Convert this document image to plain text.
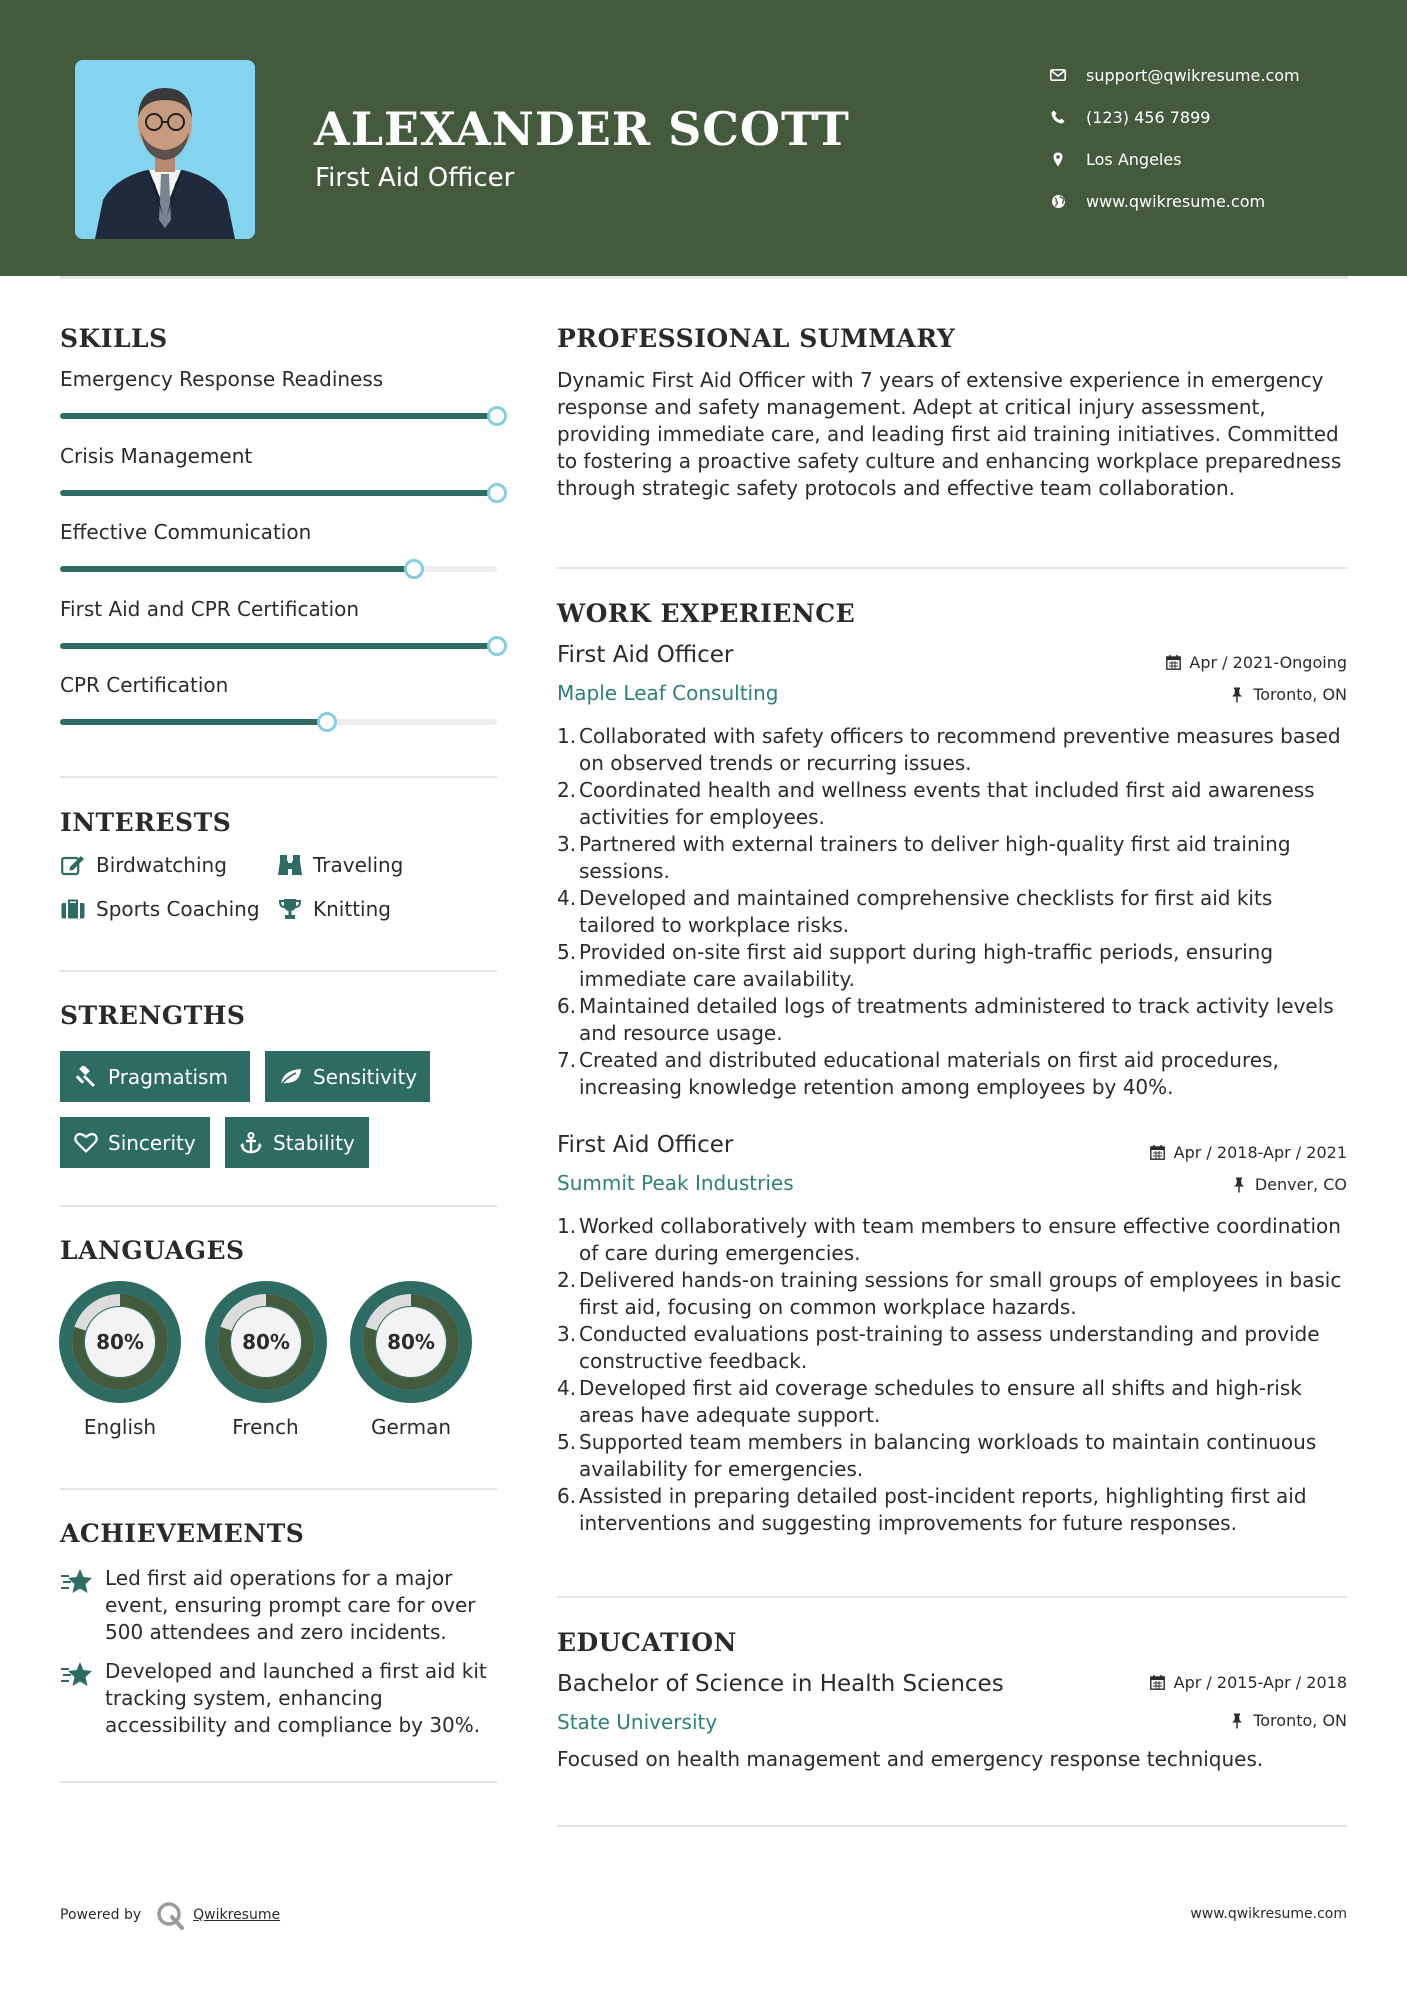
ALEXANDER SCOTT
First Aid Officer
support@qwikresume.com
(123) 456 7899
Los Angeles
www.qwikresume.com
SKILLS
Emergency Response Readiness
Crisis Management
Effective Communication
First Aid and CPR Certification
CPR Certification
INTERESTS
Birdwatching	Traveling
Sports Coaching	Knitting
STRENGTHS
Pragmatism	Sensitivity
Sincerity	Stability
LANGUAGES
80%
English
80%
French
80%
German
ACHIEVEMENTS
Led first aid operations for a major event, ensuring prompt care for over 500 attendees and zero incidents.
Developed and launched a first aid kit tracking system, enhancing accessibility and compliance by 30%.
PROFESSIONAL SUMMARY
Dynamic First Aid Officer with 7 years of extensive experience in emergency response and safety management. Adept at critical injury assessment, providing immediate care, and leading first aid training initiatives. Committed to fostering a proactive safety culture and enhancing workplace preparedness through strategic safety protocols and effective team collaboration.
WORK EXPERIENCE
First Aid Officer	Apr / 2021-Ongoing
Maple Leaf Consulting	Toronto, ON
1. Collaborated with safety officers to recommend preventive measures based on observed trends or recurring issues.
2. Coordinated health and wellness events that included first aid awareness activities for employees.
3. Partnered with external trainers to deliver high-quality first aid training sessions.
4. Developed and maintained comprehensive checklists for first aid kits tailored to workplace risks.
5. Provided on-site first aid support during high-traffic periods, ensuring immediate care availability.
6. Maintained detailed logs of treatments administered to track activity levels and resource usage.
7. Created and distributed educational materials on first aid procedures, increasing knowledge retention among employees by 40%.
First Aid Officer	Apr / 2018-Apr / 2021
Summit Peak Industries	Denver, CO
1. Worked collaboratively with team members to ensure effective coordination of care during emergencies.
2. Delivered hands-on training sessions for small groups of employees in basic first aid, focusing on common workplace hazards.
3. Conducted evaluations post-training to assess understanding and provide constructive feedback.
4. Developed first aid coverage schedules to ensure all shifts and high-risk areas have adequate support.
5. Supported team members in balancing workloads to maintain continuous availability for emergencies.
6. Assisted in preparing detailed post-incident reports, highlighting first aid interventions and suggesting improvements for future responses.
EDUCATION
Bachelor of Science in Health Sciences	Apr / 2015-Apr / 2018
State University	Toronto, ON
Focused on health management and emergency response techniques.
Powered by	Qwikresume	www.qwikresume.com
